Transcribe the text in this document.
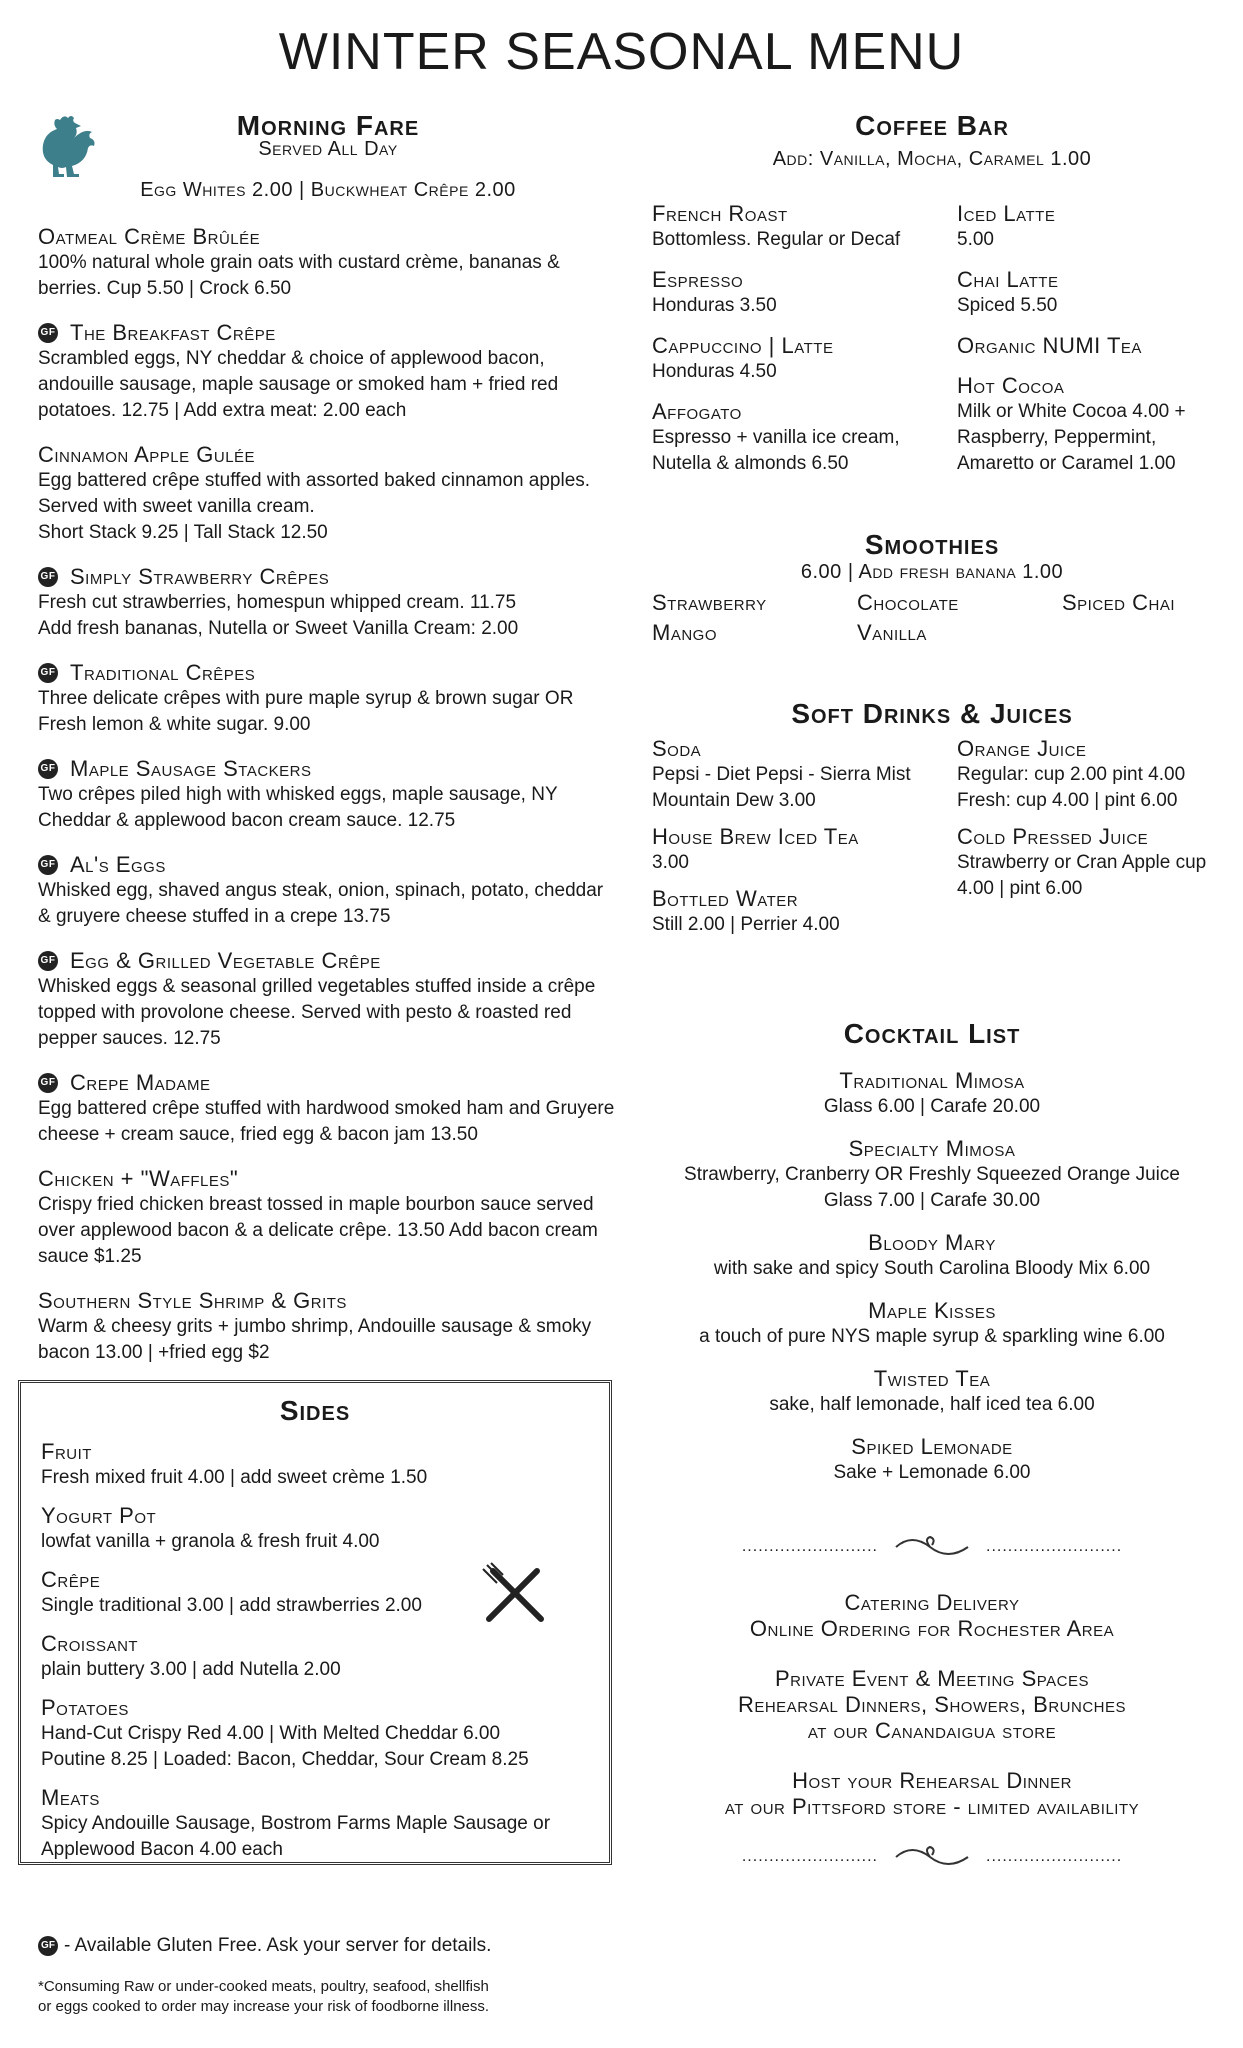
WINTER SEASONAL MENU
Morning Fare
Served All Day
Egg Whites 2.00 | Buckwheat Crêpe 2.00
Oatmeal Crème Brûlée
100% natural whole grain oats with custard crème, bananas & berries. Cup 5.50 | Crock 6.50
GF The Breakfast Crêpe
Scrambled eggs, NY cheddar & choice of applewood bacon, andouille sausage, maple sausage or smoked ham + fried red potatoes. 12.75 | Add extra meat: 2.00 each
Cinnamon Apple Gulée
Egg battered crêpe stuffed with assorted baked cinnamon apples. Served with sweet vanilla cream.
Short Stack 9.25 | Tall Stack 12.50
GF Simply Strawberry Crêpes
Fresh cut strawberries, homespun whipped cream. 11.75
Add fresh bananas, Nutella or Sweet Vanilla Cream: 2.00
GF Traditional Crêpes
Three delicate crêpes with pure maple syrup & brown sugar OR Fresh lemon & white sugar. 9.00
GF Maple Sausage Stackers
Two crêpes piled high with whisked eggs, maple sausage, NY Cheddar & applewood bacon cream sauce. 12.75
GF Al's Eggs
Whisked egg, shaved angus steak, onion, spinach, potato, cheddar & gruyere cheese stuffed in a crepe 13.75
GF Egg & Grilled Vegetable Crêpe
Whisked eggs & seasonal grilled vegetables stuffed inside a crêpe topped with provolone cheese. Served with pesto & roasted red pepper sauces. 12.75
GF Crepe Madame
Egg battered crêpe stuffed with hardwood smoked ham and Gruyere cheese + cream sauce, fried egg & bacon jam 13.50
Chicken + "Waffles"
Crispy fried chicken breast tossed in maple bourbon sauce served over applewood bacon & a delicate crêpe. 13.50 Add bacon cream sauce $1.25
Southern Style Shrimp & Grits
Warm & cheesy grits + jumbo shrimp, Andouille sausage & smoky bacon 13.00 | +fried egg $2
Sides
Fruit
Fresh mixed fruit 4.00 | add sweet crème 1.50
Yogurt Pot
lowfat vanilla + granola & fresh fruit 4.00
Crêpe
Single traditional 3.00 | add strawberries 2.00
Croissant
plain buttery 3.00 | add Nutella 2.00
Potatoes
Hand-Cut Crispy Red 4.00 | With Melted Cheddar 6.00
Poutine 8.25 | Loaded: Bacon, Cheddar, Sour Cream 8.25
Meats
Spicy Andouille Sausage, Bostrom Farms Maple Sausage or Applewood Bacon 4.00 each
Coffee Bar
Add: Vanilla, Mocha, Caramel 1.00
French Roast
Bottomless. Regular or Decaf
Espresso
Honduras 3.50
Cappuccino | Latte
Honduras 4.50
Affogato
Espresso + vanilla ice cream, Nutella & almonds 6.50
Iced Latte
5.00
Chai Latte
Spiced 5.50
Organic NUMI Tea
Hot Cocoa
Milk or White Cocoa 4.00 + Raspberry, Peppermint, Amaretto or Caramel 1.00
Smoothies
6.00 | Add fresh banana 1.00
Strawberry	Chocolate	Spiced Chai
Mango	Vanilla
Soft Drinks & Juices
Soda
Pepsi - Diet Pepsi - Sierra Mist Mountain Dew 3.00
House Brew Iced Tea
3.00
Bottled Water
Still 2.00 | Perrier 4.00
Orange Juice
Regular: cup 2.00 pint 4.00
Fresh: cup 4.00 | pint 6.00
Cold Pressed Juice
Strawberry or Cran Apple cup 4.00 | pint 6.00
Cocktail List
Traditional Mimosa
Glass 6.00 | Carafe 20.00
Specialty Mimosa
Strawberry, Cranberry OR Freshly Squeezed Orange Juice
Glass 7.00 | Carafe 30.00
Bloody Mary
with sake and spicy South Carolina Bloody Mix 6.00
Maple Kisses
a touch of pure NYS maple syrup & sparkling wine 6.00
Twisted Tea
sake, half lemonade, half iced tea 6.00
Spiked Lemonade
Sake + Lemonade 6.00
.........................	.........................
Catering Delivery
Online Ordering for Rochester Area
Private Event & Meeting Spaces
Rehearsal Dinners, Showers, Brunches
at our Canandaigua store
Host your Rehearsal Dinner
at our Pittsford store - limited availability
.........................	.........................
GF - Available Gluten Free. Ask your server for details.
*Consuming Raw or under-cooked meats, poultry, seafood, shellfish
or eggs cooked to order may increase your risk of foodborne illness.
